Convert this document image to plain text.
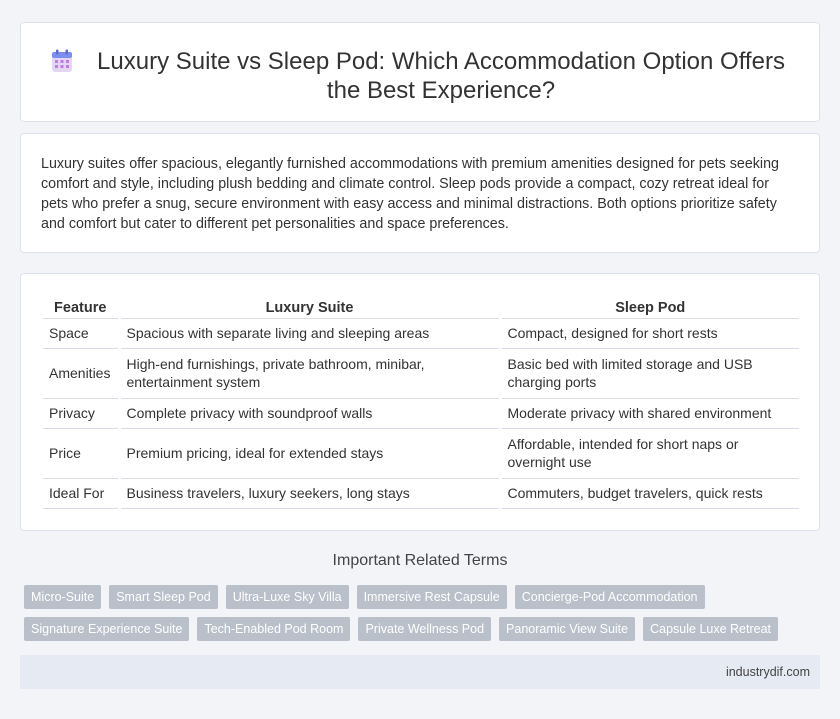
Luxury Suite vs Sleep Pod: Which Accommodation Option Offers the Best Experience?

Luxury suites offer spacious, elegantly furnished accommodations with premium amenities designed for pets seeking comfort and style, including plush bedding and climate control. Sleep pods provide a compact, cozy retreat ideal for pets who prefer a snug, secure environment with easy access and minimal distractions. Both options prioritize safety and comfort but cater to different pet personalities and space preferences.

Feature	Luxury Suite	Sleep Pod
Space	Spacious with separate living and sleeping areas	Compact, designed for short rests
Amenities	High-end furnishings, private bathroom, minibar, entertainment system	Basic bed with limited storage and USB charging ports
Privacy	Complete privacy with soundproof walls	Moderate privacy with shared environment
Price	Premium pricing, ideal for extended stays	Affordable, intended for short naps or overnight use
Ideal For	Business travelers, luxury seekers, long stays	Commuters, budget travelers, quick rests
Important Related Terms
Micro-Suite	Smart Sleep Pod	Ultra-Luxe Sky Villa	Immersive Rest Capsule	Concierge-Pod Accommodation
Signature Experience Suite	Tech-Enabled Pod Room	Private Wellness Pod	Panoramic View Suite	Capsule Luxe Retreat
industrydif.com
